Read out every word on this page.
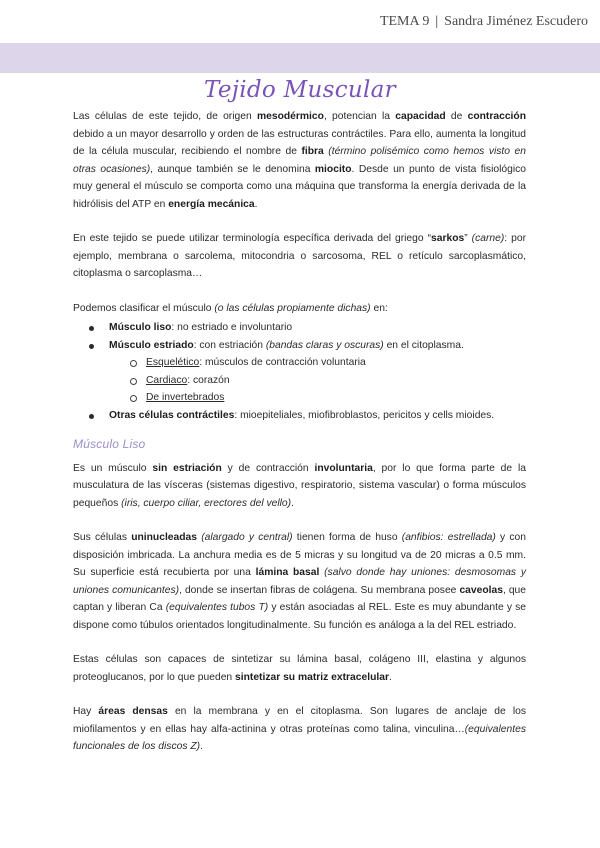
TEMA 9 | Sandra Jiménez Escudero
Tejido Muscular

Las células de este tejido, de origen mesodérmico, potencian la capacidad de contracción debido a un mayor desarrollo y orden de las estructuras contráctiles. Para ello, aumenta la longitud de la célula muscular, recibiendo el nombre de fibra (término polisémico como hemos visto en otras ocasiones), aunque también se le denomina miocito. Desde un punto de vista fisiológico muy general el músculo se comporta como una máquina que transforma la energía derivada de la hidrólisis del ATP en energía mecánica.

En este tejido se puede utilizar terminología específica derivada del griego “sarkos” (carne): por ejemplo, membrana o sarcolema, mitocondria o sarcosoma, REL o retículo sarcoplasmático, citoplasma o sarcoplasma…

Podemos clasificar el músculo (o las células propiamente dichas) en:

Músculo liso: no estriado e involuntario
Músculo estriado: con estriación (bandas claras y oscuras) en el citoplasma.
Esquelético: músculos de contracción voluntaria
Cardiaco: corazón
De invertebrados
Otras células contráctiles: mioepiteliales, miofibroblastos, pericitos y cells mioides.
Músculo Liso

Es un músculo sin estriación y de contracción involuntaria, por lo que forma parte de la musculatura de las vísceras (sistemas digestivo, respiratorio, sistema vascular) o forma músculos pequeños (iris, cuerpo ciliar, erectores del vello).

Sus células uninucleadas (alargado y central) tienen forma de huso (anfibios: estrellada) y con disposición imbricada. La anchura media es de 5 micras y su longitud va de 20 micras a 0.5 mm. Su superficie está recubierta por una lámina basal (salvo donde hay uniones: desmosomas y uniones comunicantes), donde se insertan fibras de colágena. Su membrana posee caveolas, que captan y liberan Ca (equivalentes tubos T) y están asociadas al REL. Este es muy abundante y se dispone como túbulos orientados longitudinalmente. Su función es análoga a la del REL estriado.

Estas células son capaces de sintetizar su lámina basal, colágeno III, elastina y algunos proteoglucanos, por lo que pueden sintetizar su matriz extracelular.

Hay áreas densas en la membrana y en el citoplasma. Son lugares de anclaje de los miofilamentos y en ellas hay alfa-actinina y otras proteínas como talina, vinculina…(equivalentes funcionales de los discos Z).
